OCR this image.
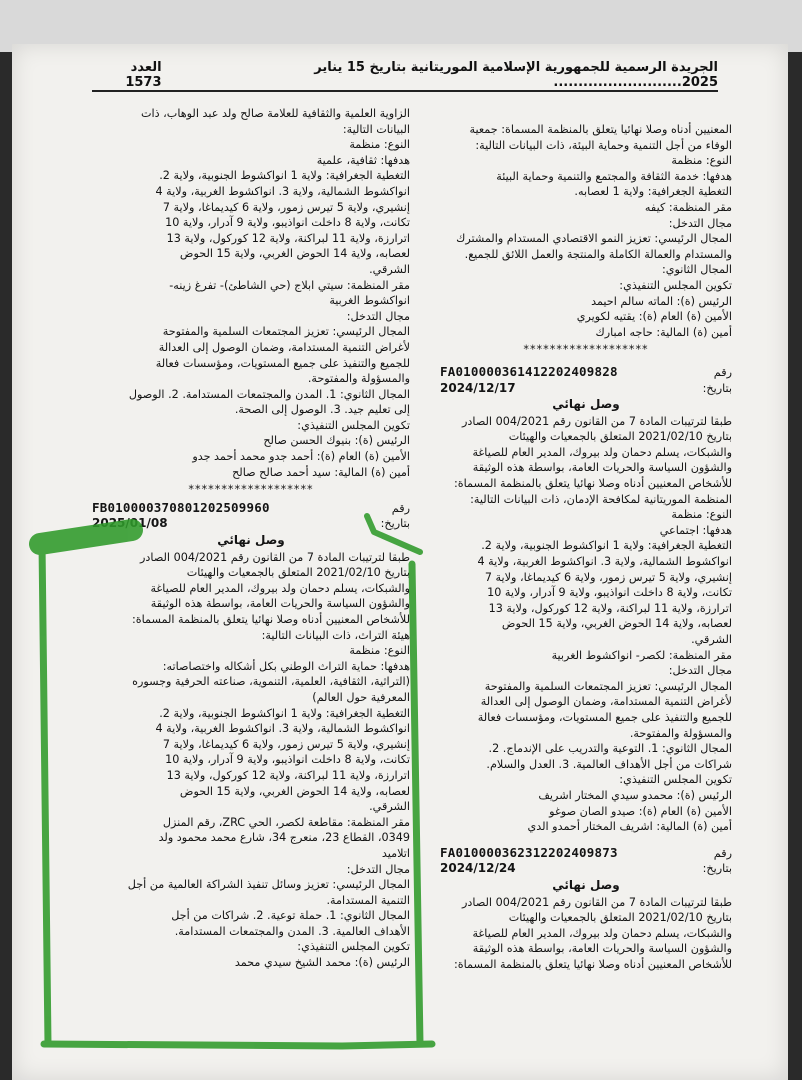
الجريدة الرسمية للجمهورية الإسلامية الموريتانية بتاريخ 15 يناير 2025..........................
العدد 1573

المعنيين أدناه وصلا نهائيا يتعلق بالمنظمة المسماة: جمعية

الوفاء من أجل التنمية وحماية البيئة، ذات البيانات التالية:

النوع: منظمة

هدفها: خدمة الثقافة والمجتمع والتنمية وحماية البيئة

التغطية الجغرافية: ولاية 1 لعصابه.

مقر المنظمة: كيفه

مجال التدخل:

المجال الرئيسي: تعزيز النمو الاقتصادي المستدام والمشترك

والمستدام والعمالة الكاملة والمنتجة والعمل اللائق للجميع.

المجال الثانوي:

تكوين المجلس التنفيذي:

الرئيس (ة): الماته سالم احيمد

الأمين (ة) العام (ة): يقتيه لكويري

أمين (ة) المالية: حاجه امبارك

*******************
رقم
FA010000361412202409828
بتاريخ:
2024/12/17
وصل نهائي

طبقا لترتيبات المادة 7 من القانون رقم 004/2021 الصادر

بتاريخ 2021/02/10 المتعلق بالجمعيات والهيئات

والشبكات، يسلم دحمان ولد بيروك، المدير العام للصياغة

والشؤون السياسة والحريات العامة، بواسطة هذه الوثيقة

للأشخاص المعنيين أدناه وصلا نهائيا يتعلق بالمنظمة المسماة:

المنظمة الموريتانية لمكافحة الإدمان، ذات البيانات التالية:

النوع: منظمة

هدفها: اجتماعي

التغطية الجغرافية: ولاية 1 انواكشوط الجنوبية، ولاية 2.

انواكشوط الشمالية، ولاية 3. انواكشوط الغربية، ولاية 4

إنشيري، ولاية 5 تيرس زمور، ولاية 6 كيديماغا، ولاية 7

تكانت، ولاية 8 داخلت انواذيبو، ولاية 9 آدرار، ولاية 10

اترارزة، ولاية 11 لبراكنة، ولاية 12 كوركول، ولاية 13

لعصابه، ولاية 14 الحوض الغربي، ولاية 15 الحوض

الشرقي.

مقر المنظمة: لكصر- انواكشوط الغربية

مجال التدخل:

المجال الرئيسي: تعزيز المجتمعات السلمية والمفتوحة

لأغراض التنمية المستدامة، وضمان الوصول إلى العدالة

للجميع والتنفيذ على جميع المستويات، ومؤسسات فعالة

والمسؤولة والمفتوحة.

المجال الثانوي: 1. التوعية والتدريب على الإندماج. 2.

شراكات من أجل الأهداف العالمية. 3. العدل والسلام.

تكوين المجلس التنفيذي:

الرئيس (ة): محمدو سيدي المختار اشريف

الأمين (ة) العام (ة): صيدو الصان صوغو

أمين (ة) المالية: اشريف المختار أحمدو الدي

رقم
FA010000362312202409873
بتاريخ:
2024/12/24
وصل نهائي

طبقا لترتيبات المادة 7 من القانون رقم 004/2021 الصادر

بتاريخ 2021/02/10 المتعلق بالجمعيات والهيئات

والشبكات، يسلم دحمان ولد بيروك، المدير العام للصياغة

والشؤون السياسة والحريات العامة، بواسطة هذه الوثيقة

للأشخاص المعنيين أدناه وصلا نهائيا يتعلق بالمنظمة المسماة:

الزاوية العلمية والثقافية للعلامة صالح ولد عبد الوهاب، ذات

البيانات التالية:

النوع: منظمة

هدفها: ثقافية، علمية

التغطية الجغرافية: ولاية 1 انواكشوط الجنوبية، ولاية 2.

انواكشوط الشمالية، ولاية 3. انواكشوط الغربية، ولاية 4

إنشيري، ولاية 5 تيرس زمور، ولاية 6 كيديماغا، ولاية 7

تكانت، ولاية 8 داخلت انواذيبو، ولاية 9 آدرار، ولاية 10

اترارزة، ولاية 11 لبراكنة، ولاية 12 كوركول، ولاية 13

لعصابه، ولاية 14 الحوض الغربي، ولاية 15 الحوض

الشرقي.

مقر المنظمة: سيتي ابلاج (حي الشاطئ)- تفرغ زينه-

انواكشوط الغربية

مجال التدخل:

المجال الرئيسي: تعزيز المجتمعات السلمية والمفتوحة

لأغراض التنمية المستدامة، وضمان الوصول إلى العدالة

للجميع والتنفيذ على جميع المستويات، ومؤسسات فعالة

والمسؤولة والمفتوحة.

المجال الثانوي: 1. المدن والمجتمعات المستدامة. 2. الوصول

إلى تعليم جيد. 3. الوصول إلى الصحة.

تكوين المجلس التنفيذي:

الرئيس (ة): بنيوك الحسن صالح

الأمين (ة) العام (ة): أحمد جدو محمد أحمد جدو

أمين (ة) المالية: سيد أحمد صالح صالح

*******************
رقم
FB010000370801202509960
بتاريخ:
2025/01/08
وصل نهائي

طبقا لترتيبات المادة 7 من القانون رقم 004/2021 الصادر

بتاريخ 2021/02/10 المتعلق بالجمعيات والهيئات

والشبكات، يسلم دحمان ولد بيروك، المدير العام للصياغة

والشؤون السياسة والحريات العامة، بواسطة هذه الوثيقة

للأشخاص المعنيين أدناه وصلا نهائيا يتعلق بالمنظمة المسماة:

هيئة التراث، ذات البيانات التالية:

النوع: منظمة

هدفها: حماية التراث الوطني بكل أشكاله واختصاصاته:

(التراثية، الثقافية، العلمية، التنموية، صناعته الحرفية وجسوره

المعرفية حول العالم)

التغطية الجغرافية: ولاية 1 انواكشوط الجنوبية، ولاية 2.

انواكشوط الشمالية، ولاية 3. انواكشوط الغربية، ولاية 4

إنشيري، ولاية 5 تيرس زمور، ولاية 6 كيديماغا، ولاية 7

تكانت، ولاية 8 داخلت انواذيبو، ولاية 9 آدرار، ولاية 10

اترارزة، ولاية 11 لبراكنة، ولاية 12 كوركول، ولاية 13

لعصابه، ولاية 14 الحوض الغربي، ولاية 15 الحوض

الشرقي.

مقر المنظمة: مقاطعة لكصر، الحي ZRC، رقم المنزل

0349، القطاع 23، منعرج 34، شارع محمد محمود ولد

اتلاميد

مجال التدخل:

المجال الرئيسي: تعزيز وسائل تنفيذ الشراكة العالمية من أجل

التنمية المستدامة.

المجال الثانوي: 1. حملة توعية. 2. شراكات من أجل

الأهداف العالمية. 3. المدن والمجتمعات المستدامة.

تكوين المجلس التنفيذي:

الرئيس (ة): محمد الشيخ سيدي محمد
